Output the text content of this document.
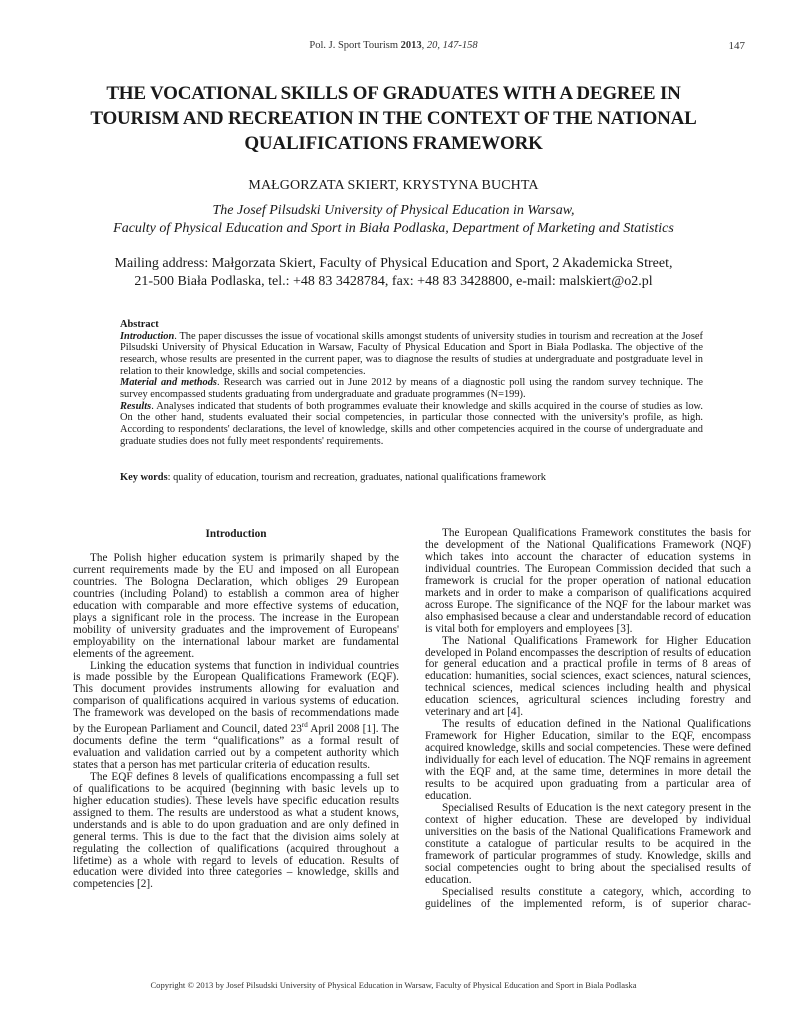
Pol. J. Sport Tourism 2013, 20, 147-158	147
THE VOCATIONAL SKILLS OF GRADUATES WITH A DEGREE IN TOURISM AND RECREATION IN THE CONTEXT OF THE NATIONAL QUALIFICATIONS FRAMEWORK
MAŁGORZATA SKIERT, KRYSTYNA BUCHTA
The Josef Pilsudski University of Physical Education in Warsaw,
Faculty of Physical Education and Sport in Biała Podlaska, Department of Marketing and Statistics
Mailing address: Małgorzata Skiert, Faculty of Physical Education and Sport, 2 Akademicka Street,
21-500 Biała Podlaska, tel.: +48 83 3428784, fax: +48 83 3428800, e-mail: malskiert@o2.pl

Abstract

Introduction. The paper discusses the issue of vocational skills amongst students of university studies in tourism and recreation at the Josef Pilsudski University of Physical Education in Warsaw, Faculty of Physical Education and Sport in Biała Podlaska. The objective of the research, whose results are presented in the current paper, was to diagnose the results of studies at undergraduate and postgraduate level in relation to their knowledge, skills and social competencies.

Material and methods. Research was carried out in June 2012 by means of a diagnostic poll using the random survey technique. The survey encompassed students graduating from undergraduate and graduate programmes (N=199).

Results. Analyses indicated that students of both programmes evaluate their knowledge and skills acquired in the course of studies as low. On the other hand, students evaluated their social competencies, in particular those connected with the university's profile, as high. According to respondents' declarations, the level of knowledge, skills and other competencies acquired in the course of undergraduate and graduate studies does not fully meet respondents' requirements.

Key words: quality of education, tourism and recreation, graduates, national qualifications framework
Introduction

The Polish higher education system is primarily shaped by the current requirements made by the EU and imposed on all European countries. The Bologna Declaration, which obliges 29 European countries (including Poland) to establish a common area of higher education with comparable and more effective systems of education, plays a significant role in the process. The increase in the European mobility of university graduates and the improvement of Europeans' employability on the international labour market are fundamental elements of the agreement.

Linking the education systems that function in individual countries is made possible by the European Qualifications Framework (EQF). This document provides instruments allowing for evaluation and comparison of qualifications acquired in various systems of education. The framework was developed on the basis of recommendations made by the European Parliament and Council, dated 23rd April 2008 [1]. The documents define the term “qualifications” as a formal result of evaluation and validation carried out by a competent authority which states that a person has met particular criteria of education results.

The EQF defines 8 levels of qualifications encompassing a full set of qualifications to be acquired (beginning with basic levels up to higher education studies). These levels have specific education results assigned to them. The results are understood as what a student knows, understands and is able to do upon graduation and are only defined in general terms. This is due to the fact that the division aims solely at regulating the collection of qualifications (acquired throughout a lifetime) as a whole with regard to levels of education. Results of education were divided into three categories – knowledge, skills and competencies [2].

The European Qualifications Framework constitutes the basis for the development of the National Qualifications Framework (NQF) which takes into account the character of education systems in individual countries. The European Commission decided that such a framework is crucial for the proper operation of national education markets and in order to make a comparison of qualifications acquired across Europe. The significance of the NQF for the labour market was also emphasised because a clear and understandable record of education is vital both for employers and employees [3].

The National Qualifications Framework for Higher Education developed in Poland encompasses the description of results of education for general education and a practical profile in terms of 8 areas of education: humanities, social sciences, exact sciences, natural sciences, technical sciences, medical sciences including health and physical education sciences, agricultural sciences including forestry and veterinary and art [4].

The results of education defined in the National Qualifications Framework for Higher Education, similar to the EQF, encompass acquired knowledge, skills and social competencies. These were defined individually for each level of education. The NQF remains in agreement with the EQF and, at the same time, determines in more detail the results to be acquired upon graduating from a particular area of education.

Specialised Results of Education is the next category present in the context of higher education. These are developed by individual universities on the basis of the National Qualifications Framework and constitute a catalogue of particular results to be acquired in the framework of particular programmes of study. Knowledge, skills and social competencies ought to bring about the specialised results of education.

Specialised results constitute a category, which, according to guidelines of the implemented reform, is of superior charac-

Copyright © 2013 by Josef Pilsudski University of Physical Education in Warsaw, Faculty of Physical Education and Sport in Biala Podlaska
